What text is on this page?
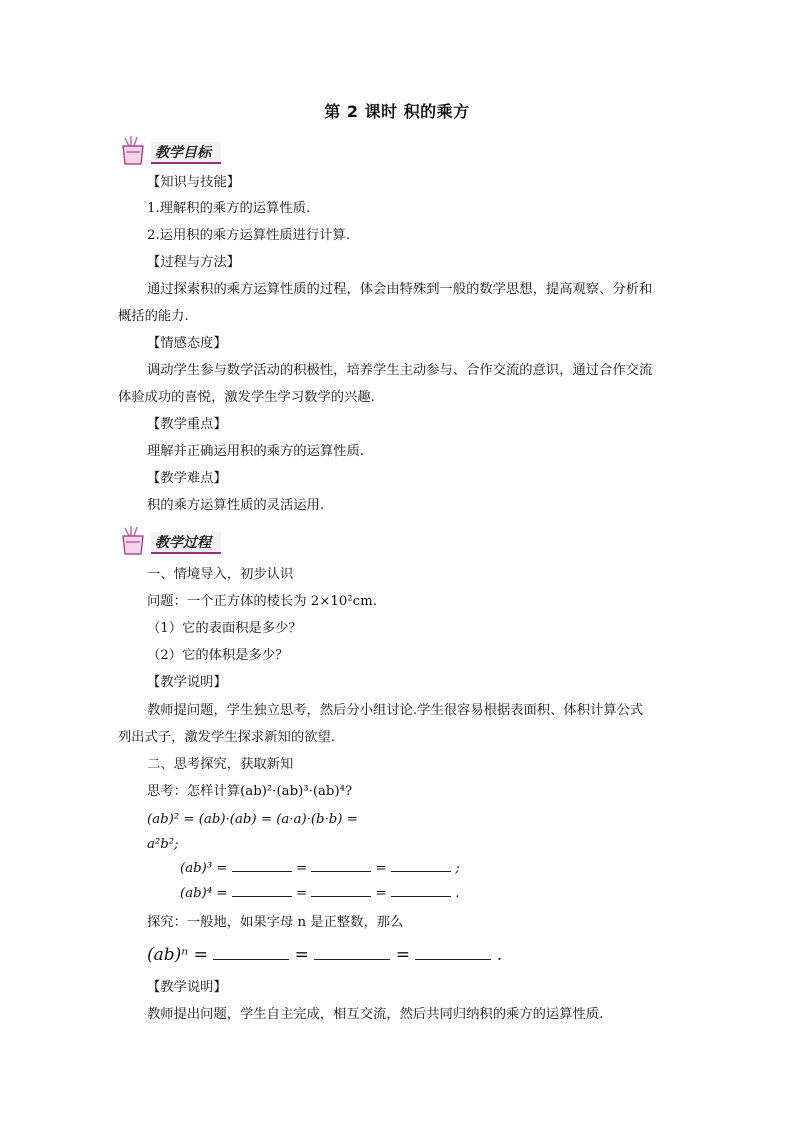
第 2 课时 积的乘方
教学目标
【知识与技能】
1.理解积的乘方的运算性质.
2.运用积的乘方运算性质进行计算.
【过程与方法】
通过探索积的乘方运算性质的过程，体会由特殊到一般的数学思想，提高观察、分析和
概括的能力.
【情感态度】
调动学生参与数学活动的积极性，培养学生主动参与、合作交流的意识，通过合作交流
体验成功的喜悦，激发学生学习数学的兴趣.
【教学重点】
理解并正确运用积的乘方的运算性质.
【教学难点】
积的乘方运算性质的灵活运用.
教学过程
一、情境导入，初步认识
问题：一个正方体的棱长为 2×10²cm.
（1）它的表面积是多少？
（2）它的体积是多少？
【教学说明】
教师提问题，学生独立思考，然后分小组讨论.学生很容易根据表面积、体积计算公式
列出式子，激发学生探求新知的欲望.
二、思考探究，获取新知
思考：怎样计算(ab)²·(ab)³·(ab)⁴?
(ab)² = (ab)·(ab) = (a·a)·(b·b) =
a²b²;
(ab)³ =	=	=	;
(ab)⁴ =	=	=	.
探究：一般地，如果字母 n 是正整数，那么
(ab)ⁿ =	=	=	.
【教学说明】
教师提出问题，学生自主完成，相互交流，然后共同归纳积的乘方的运算性质.
